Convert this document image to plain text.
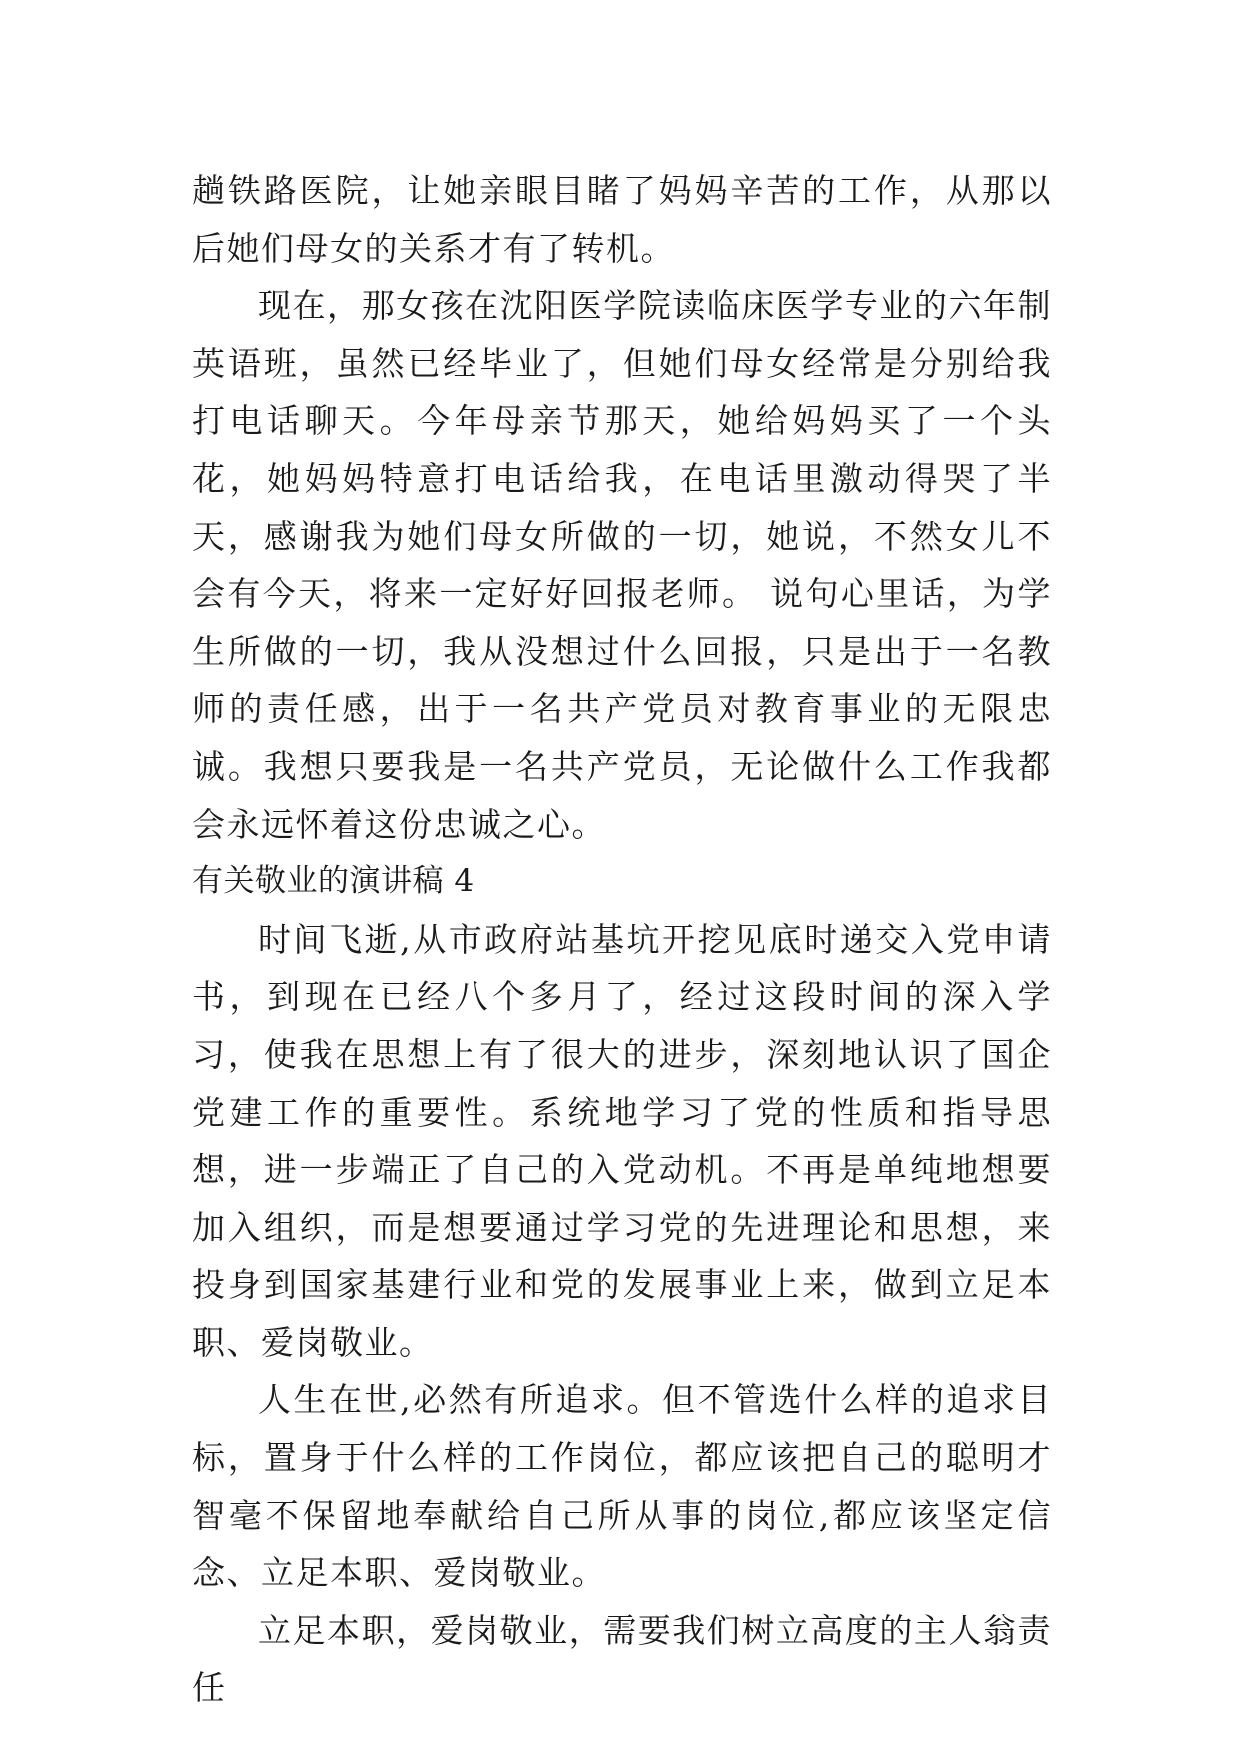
趟铁路医院，让她亲眼目睹了妈妈辛苦的工作，从那以后她们母女的关系才有了转机。

现在，那女孩在沈阳医学院读临床医学专业的六年制英语班，虽然已经毕业了，但她们母女经常是分别给我打电话聊天。今年母亲节那天，她给妈妈买了一个头花，她妈妈特意打电话给我，在电话里激动得哭了半天，感谢我为她们母女所做的一切，她说，不然女儿不会有今天，将来一定好好回报老师。 说句心里话，为学生所做的一切，我从没想过什么回报，只是出于一名教师的责任感，出于一名共产党员对教育事业的无限忠诚。我想只要我是一名共产党员，无论做什么工作我都会永远怀着这份忠诚之心。

有关敬业的演讲稿 4

时间飞逝,从市政府站基坑开挖见底时递交入党申请书，到现在已经八个多月了，经过这段时间的深入学习，使我在思想上有了很大的进步，深刻地认识了国企党建工作的重要性。系统地学习了党的性质和指导思想，进一步端正了自己的入党动机。不再是单纯地想要加入组织，而是想要通过学习党的先进理论和思想，来投身到国家基建行业和党的发展事业上来，做到立足本职、爱岗敬业。

人生在世,必然有所追求。但不管选什么样的追求目标，置身于什么样的工作岗位，都应该把自己的聪明才智毫不保留地奉献给自己所从事的岗位,都应该坚定信念、立足本职、爱岗敬业。

立足本职，爱岗敬业，需要我们树立高度的主人翁责任
